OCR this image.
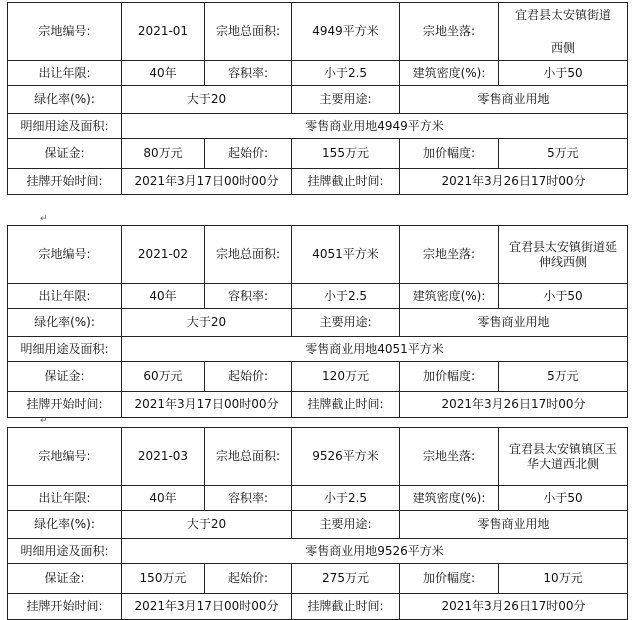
宗地编号:	2021-01	宗地总面积:	4949平方米	宗地坐落:	宜君县太安镇街道
西侧

出让年限:	40年	容积率:	小于2.5	建筑密度(%):	小于50
绿化率(%):	大于20		主要用途:	零售商业用地	
明细用途及面积:	零售商业用地4949平方米				
保证金:	80万元	起始价:	155万元	加价幅度:	5万元
挂牌开始时间:	2021年3月17日00时00分		挂牌截止时间:	2021年3月26日17时00分	
↵
宗地编号:	2021-02	宗地总面积:	4051平方米	宗地坐落:	宜君县太安镇街道延
伸线西侧

出让年限:	40年	容积率:	小于2.5	建筑密度(%):	小于50
绿化率(%):	大于20		主要用途:	零售商业用地	
明细用途及面积:	零售商业用地4051平方米				
保证金:	60万元	起始价:	120万元	加价幅度:	5万元
挂牌开始时间:	2021年3月17日00时00分		挂牌截止时间:	2021年3月26日17时00分	
↵
宗地编号:	2021-03	宗地总面积:	9526平方米	宗地坐落:	宜君县太安镇镇区玉
华大道西北侧

出让年限:	40年	容积率:	小于2.5	建筑密度(%):	小于50
绿化率(%):	大于20		主要用途:	零售商业用地	
明细用途及面积:	零售商业用地9526平方米				
保证金:	150万元	起始价:	275万元	加价幅度:	10万元
挂牌开始时间:	2021年3月17日00时00分		挂牌截止时间:	2021年3月26日17时00分	
